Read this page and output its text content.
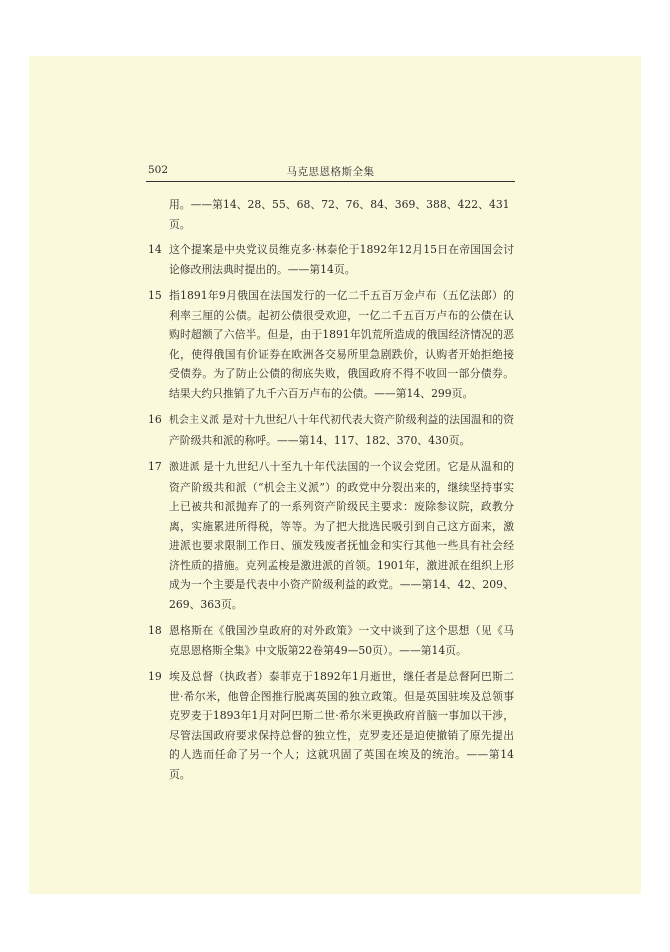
502	马克思恩格斯全集

用。——第14、28、55、68、72、76、84、369、388、422、431页。

14 这个提案是中央党议员维克多·林泰伦于1892年12月15日在帝国国会讨论修改刑法典时提出的。——第14页。
15 指1891年9月俄国在法国发行的一亿二千五百万金卢布（五亿法郎）的利率三厘的公债。起初公债很受欢迎，一亿二千五百万卢布的公债在认购时超额了六倍半。但是，由于1891年饥荒所造成的俄国经济情况的恶化，使得俄国有价证券在欧洲各交易所里急剧跌价，认购者开始拒绝接受债券。为了防止公债的彻底失败，俄国政府不得不收回一部分债券。结果大约只推销了九千六百万卢布的公债。——第14、299页。
16 机会主义派 是对十九世纪八十年代初代表大资产阶级利益的法国温和的资产阶级共和派的称呼。——第14、117、182、370、430页。
17 激进派 是十九世纪八十至九十年代法国的一个议会党团。它是从温和的资产阶级共和派（“机会主义派”）的政党中分裂出来的，继续坚持事实上已被共和派抛弃了的一系列资产阶级民主要求：废除参议院，政教分离，实施累进所得税，等等。为了把大批选民吸引到自己这方面来，激进派也要求限制工作日、颁发残废者抚恤金和实行其他一些具有社会经济性质的措施。克列孟梭是激进派的首领。1901年，激进派在组织上形成为一个主要是代表中小资产阶级利益的政党。——第14、42、209、269、363页。
18 恩格斯在《俄国沙皇政府的对外政策》一文中谈到了这个思想（见《马克思恩格斯全集》中文版第22卷第49—50页）。——第14页。
19 埃及总督（执政者）泰菲克于1892年1月逝世，继任者是总督阿巴斯二世·希尔米，他曾企图推行脱离英国的独立政策。但是英国驻埃及总领事克罗麦于1893年1月对阿巴斯二世·希尔米更换政府首脑一事加以干涉，尽管法国政府要求保持总督的独立性，克罗麦还是迫使撤销了原先提出的人选而任命了另一个人；这就巩固了英国在埃及的统治。——第14页。
